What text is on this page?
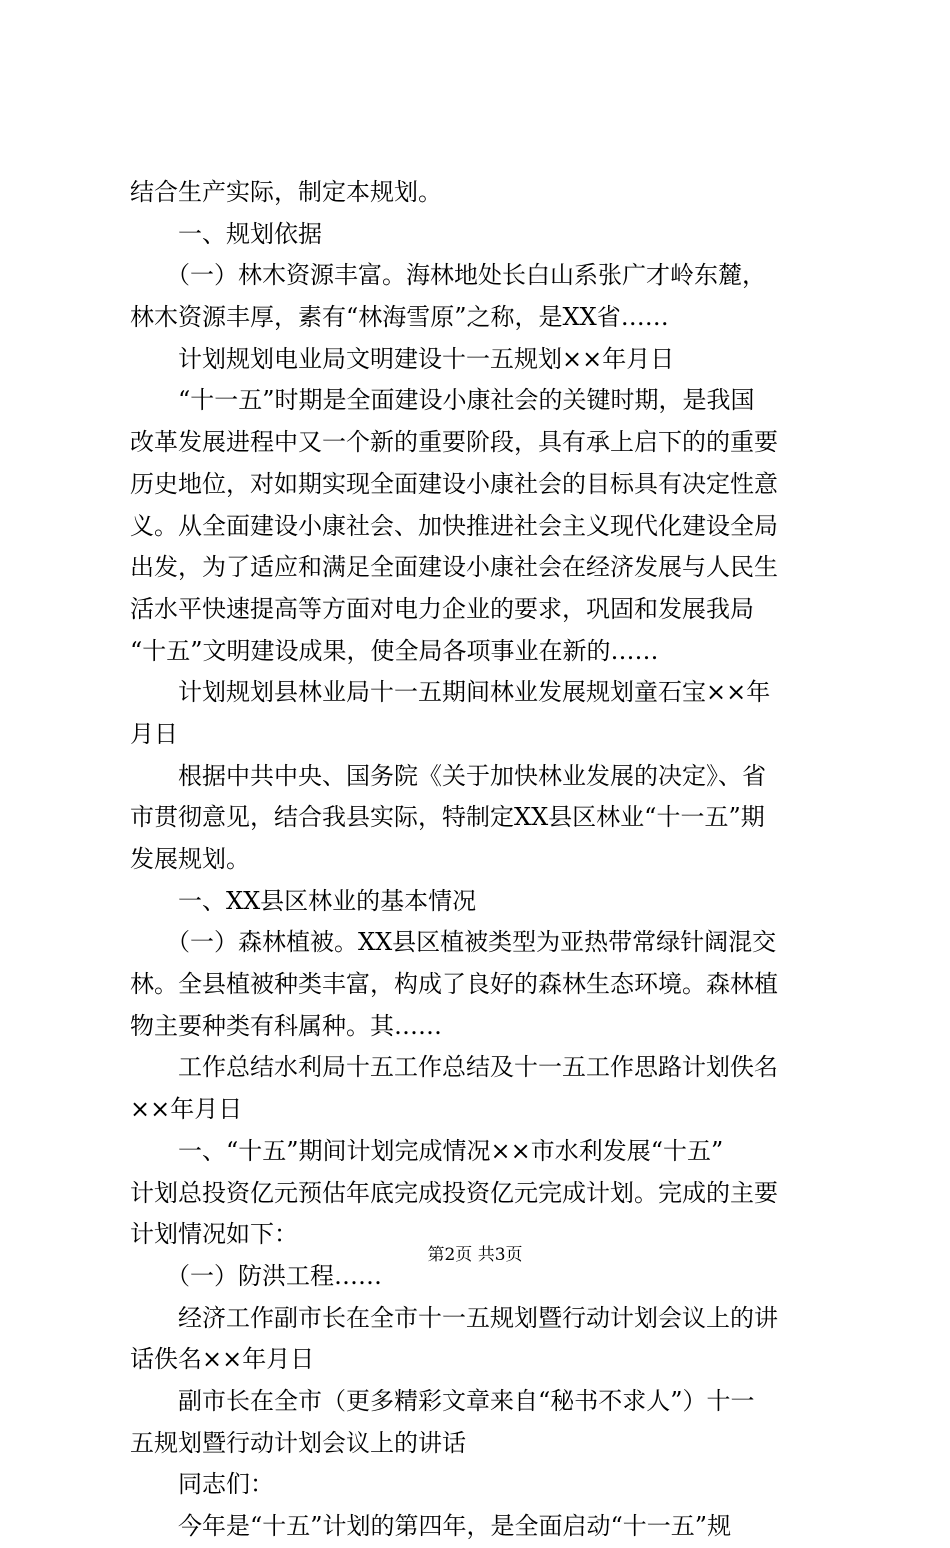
结合生产实际，制定本规划。
　　一、规划依据
　　（一）林木资源丰富。海林地处长白山系张广才岭东麓，
林木资源丰厚，素有“林海雪原”之称，是XX省……
　　计划规划电业局文明建设十一五规划××年月日
　　“十一五”时期是全面建设小康社会的关键时期，是我国
改革发展进程中又一个新的重要阶段，具有承上启下的的重要
历史地位，对如期实现全面建设小康社会的目标具有决定性意
义。从全面建设小康社会、加快推进社会主义现代化建设全局
出发，为了适应和满足全面建设小康社会在经济发展与人民生
活水平快速提高等方面对电力企业的要求，巩固和发展我局
“十五”文明建设成果，使全局各项事业在新的……
　　计划规划县林业局十一五期间林业发展规划童石宝××年
月日
　　根据中共中央、国务院《关于加快林业发展的决定》、省
市贯彻意见，结合我县实际，特制定XX县区林业“十一五”期
发展规划。
　　一、XX县区林业的基本情况
　　（一）森林植被。XX县区植被类型为亚热带常绿针阔混交
林。全县植被种类丰富，构成了良好的森林生态环境。森林植
物主要种类有科属种。其……
　　工作总结水利局十五工作总结及十一五工作思路计划佚名
××年月日
　　一、“十五”期间计划完成情况××市水利发展“十五”
计划总投资亿元预估年底完成投资亿元完成计划。完成的主要
计划情况如下：
　　（一）防洪工程……
　　经济工作副市长在全市十一五规划暨行动计划会议上的讲
话佚名××年月日
　　副市长在全市（更多精彩文章来自“秘书不求人”）十一
五规划暨行动计划会议上的讲话
　　同志们：
　　今年是“十五”计划的第四年，是全面启动“十一五”规
第2页 共3页
